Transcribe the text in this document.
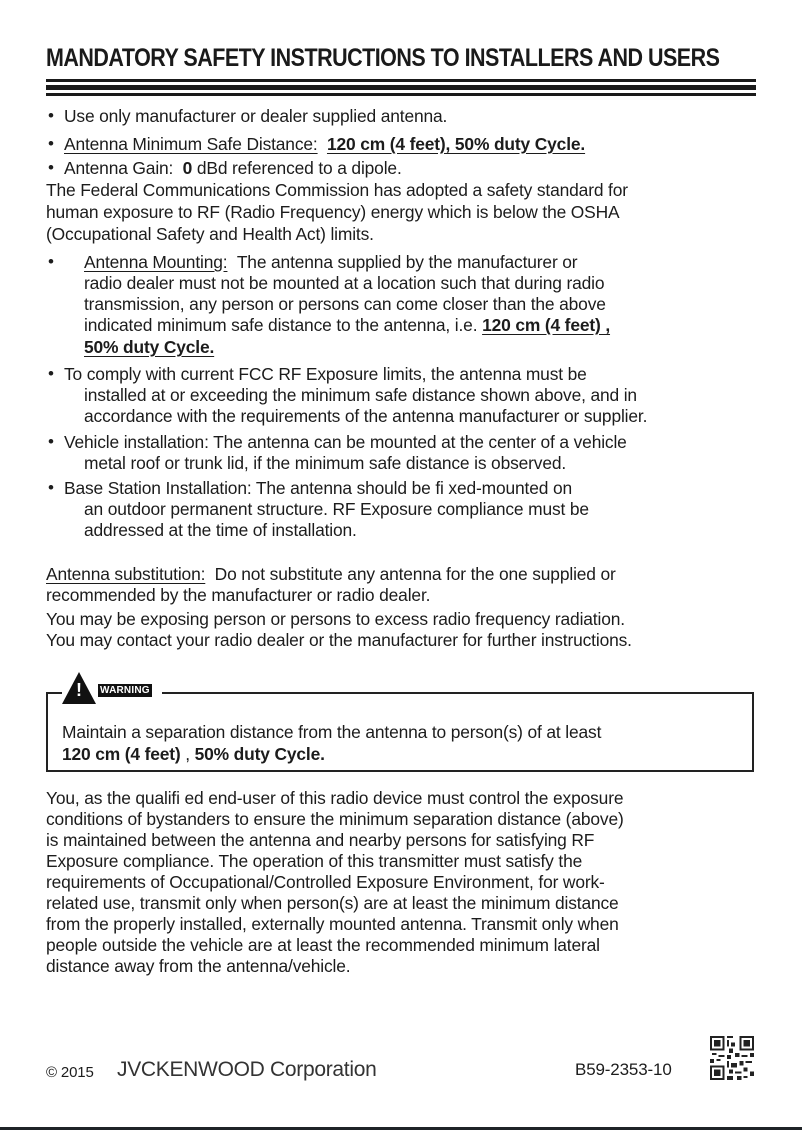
MANDATORY SAFETY INSTRUCTIONS TO INSTALLERS AND USERS
• Use only manufacturer or dealer supplied antenna.
• Antenna Minimum Safe Distance: 120 cm (4 feet), 50% duty Cycle.
• Antenna Gain: 0 dBd referenced to a dipole.
The Federal Communications Commission has adopted a safety standard for
human exposure to RF (Radio Frequency) energy which is below the OSHA
(Occupational Safety and Health Act) limits.
• Antenna Mounting: The antenna supplied by the manufacturer or
radio dealer must not be mounted at a location such that during radio
transmission, any person or persons can come closer than the above
indicated minimum safe distance to the antenna, i.e. 120 cm (4 feet) ,
50% duty Cycle.
• To comply with current FCC RF Exposure limits, the antenna must be
installed at or exceeding the minimum safe distance shown above, and in
accordance with the requirements of the antenna manufacturer or supplier.
• Vehicle installation: The antenna can be mounted at the center of a vehicle
metal roof or trunk lid, if the minimum safe distance is observed.
• Base Station Installation: The antenna should be fi xed-mounted on
an outdoor permanent structure. RF Exposure compliance must be
addressed at the time of installation.
Antenna substitution: Do not substitute any antenna for the one supplied or
recommended by the manufacturer or radio dealer.
You may be exposing person or persons to excess radio frequency radiation.
You may contact your radio dealer or the manufacturer for further instructions.
! WARNING
Maintain a separation distance from the antenna to person(s) of at least
120 cm (4 feet) , 50% duty Cycle.
You, as the qualifi ed end-user of this radio device must control the exposure
conditions of bystanders to ensure the minimum separation distance (above)
is maintained between the antenna and nearby persons for satisfying RF
Exposure compliance. The operation of this transmitter must satisfy the
requirements of Occupational/Controlled Exposure Environment, for work-
related use, transmit only when person(s) are at least the minimum distance
from the properly installed, externally mounted antenna. Transmit only when
people outside the vehicle are at least the recommended minimum lateral
distance away from the antenna/vehicle.
© 2015 JVCKENWOOD Corporation	B59-2353-10
